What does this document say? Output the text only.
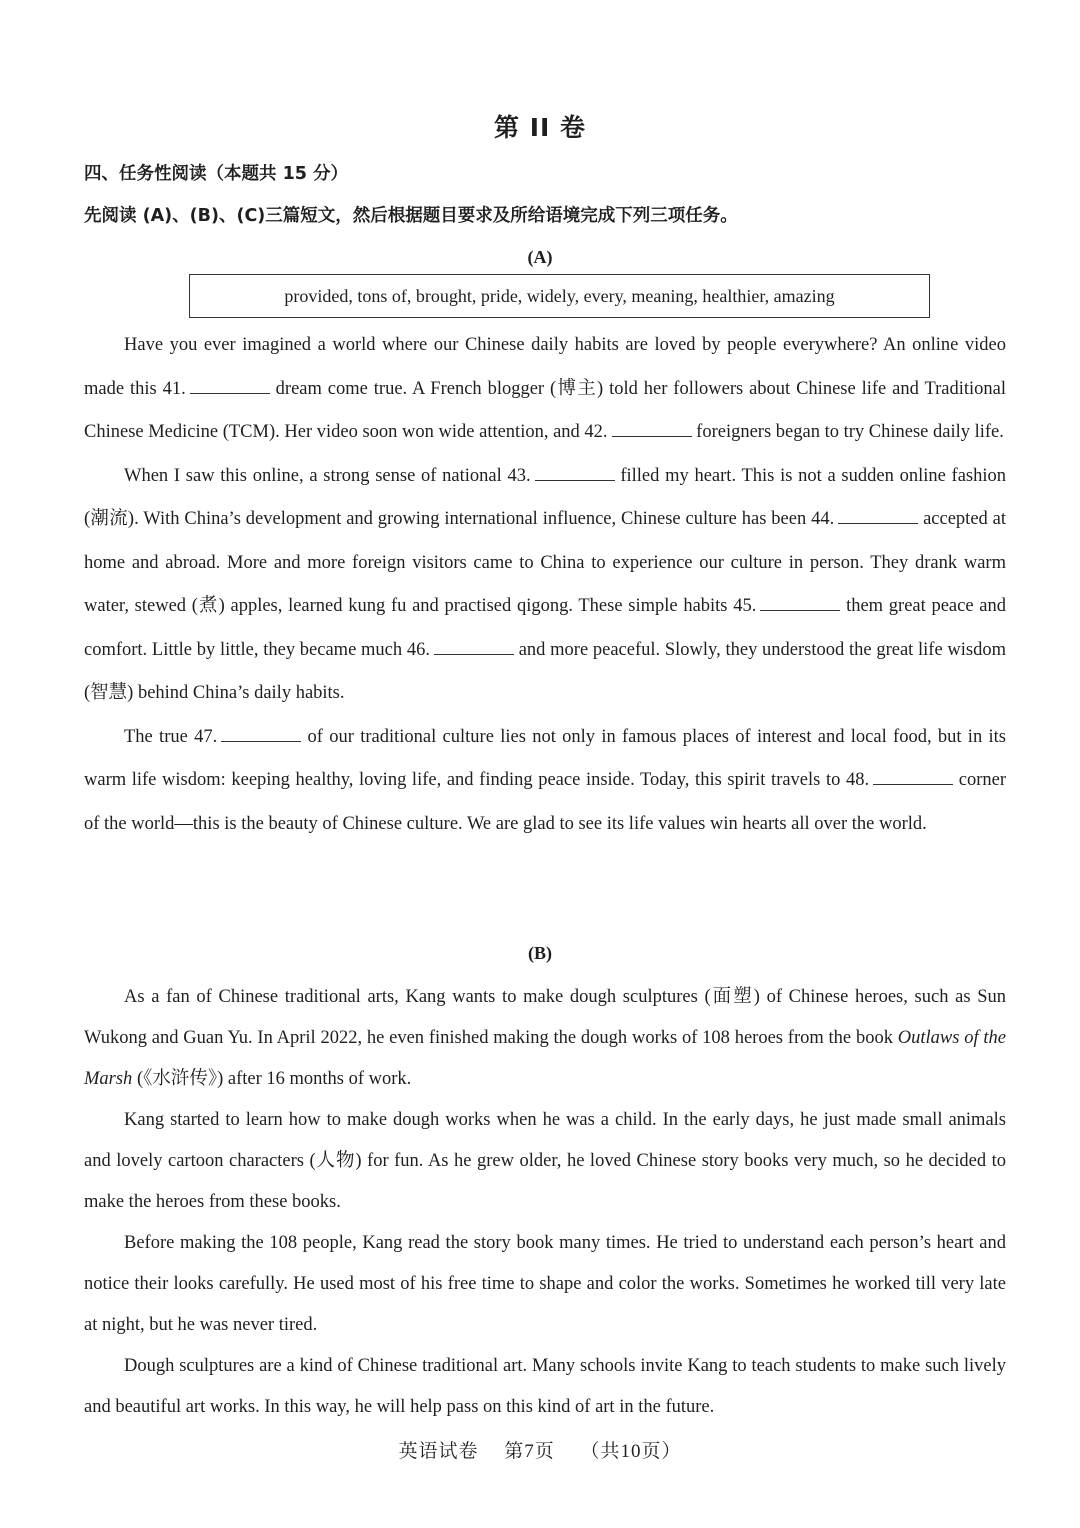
第 II 卷
四、任务性阅读（本题共 15 分）
先阅读 (A)、(B)、(C)三篇短文，然后根据题目要求及所给语境完成下列三项任务。
(A)
provided, tons of, brought, pride, widely, every, meaning, healthier, amazing

Have you ever imagined a world where our Chinese daily habits are loved by people everywhere? An online video made this 41.	dream come true. A French blogger (博主) told her followers about Chinese life and Traditional Chinese Medicine (TCM). Her video soon won wide attention, and 42.	foreigners began to try Chinese daily life.

When I saw this online, a strong sense of national 43.	filled my heart. This is not a sudden online fashion (潮流). With China’s development and growing international influence, Chinese culture has been 44.	accepted at home and abroad. More and more foreign visitors came to China to experience our culture in person. They drank warm water, stewed (煮) apples, learned kung fu and practised qigong. These simple habits 45.	them great peace and comfort. Little by little, they became much 46.	and more peaceful. Slowly, they understood the great life wisdom (智慧) behind China’s daily habits.

The true 47.	of our traditional culture lies not only in famous places of interest and local food, but in its warm life wisdom: keeping healthy, loving life, and finding peace inside. Today, this spirit travels to 48.	corner of the world—this is the beauty of Chinese culture. We are glad to see its life values win hearts all over the world.

(B)

As a fan of Chinese traditional arts, Kang wants to make dough sculptures (面塑) of Chinese heroes, such as Sun Wukong and Guan Yu. In April 2022, he even finished making the dough works of 108 heroes from the book Outlaws of the Marsh (《水浒传》) after 16 months of work.

Kang started to learn how to make dough works when he was a child. In the early days, he just made small animals and lovely cartoon characters (人物) for fun. As he grew older, he loved Chinese story books very much, so he decided to make the heroes from these books.

Before making the 108 people, Kang read the story book many times. He tried to understand each person’s heart and notice their looks carefully. He used most of his free time to shape and color the works. Sometimes he worked till very late at night, but he was never tired.

Dough sculptures are a kind of Chinese traditional art. Many schools invite Kang to teach students to make such lively and beautiful art works. In this way, he will help pass on this kind of art in the future.

英语试卷 第7页 （共10页）
